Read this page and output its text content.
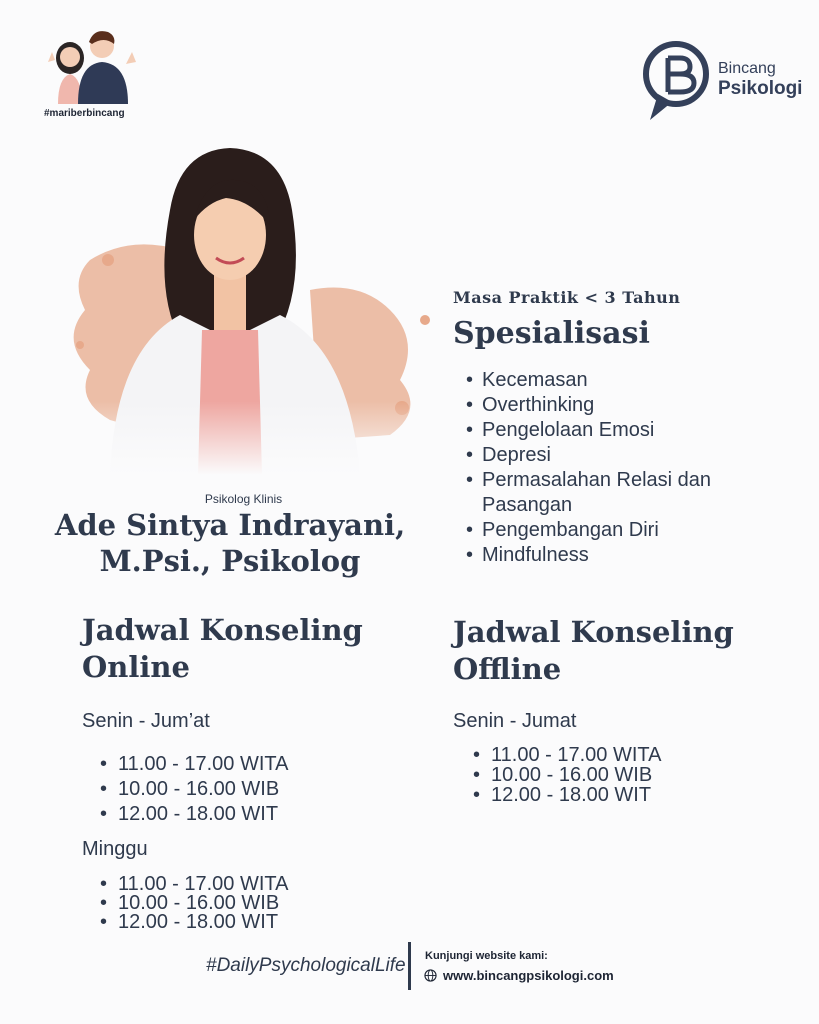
#mariberbincang
Bincang
Psikologi
Psikolog Klinis
Ade Sintya Indrayani,
M.Psi., Psikolog
Masa Praktik < 3 Tahun
Spesialisasi
• Kecemasan
• Overthinking
• Pengelolaan Emosi
• Depresi
• Permasalahan Relasi dan
Pasangan
• Pengembangan Diri
• Mindfulness
Jadwal Konseling
Online
Senin - Jum’at
• 11.00 - 17.00 WITA
• 10.00 - 16.00 WIB
• 12.00 - 18.00 WIT
Minggu
• 11.00 - 17.00 WITA
• 10.00 - 16.00 WIB
• 12.00 - 18.00 WIT
Jadwal Konseling
Offline
Senin - Jumat
• 11.00 - 17.00 WITA
• 10.00 - 16.00 WIB
• 12.00 - 18.00 WIT
#DailyPsychologicalLife Kunjungi website kami:
www.bincangpsikologi.com
